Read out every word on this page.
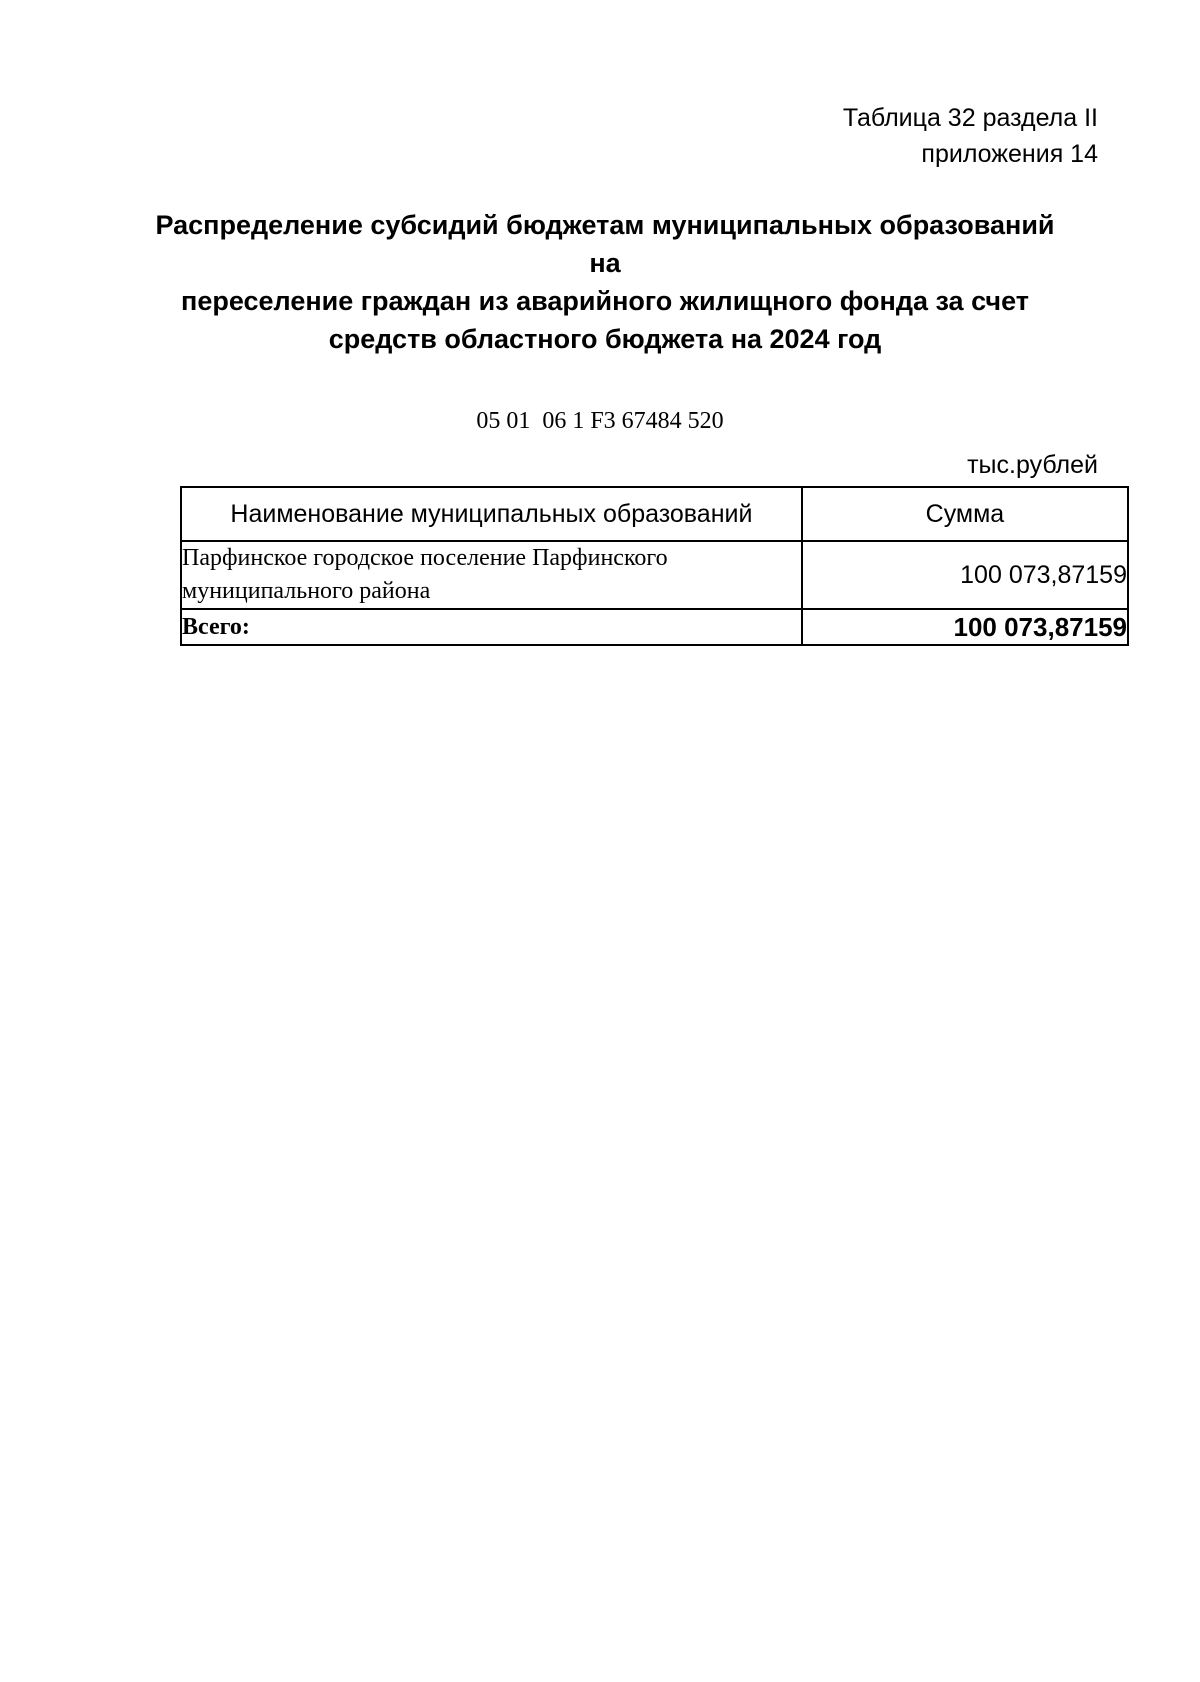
Таблица 32 раздела II
приложения 14
Распределение субсидий бюджетам муниципальных образований на
переселение граждан из аварийного жилищного фонда за счет
средств областного бюджета на 2024 год
05 01  06 1 F3 67484 520
тыс.рублей
Наименование муниципальных образований	Сумма

Парфинское городское поселение Парфинского
муниципального района	100 073,87159
Всего:	100 073,87159
